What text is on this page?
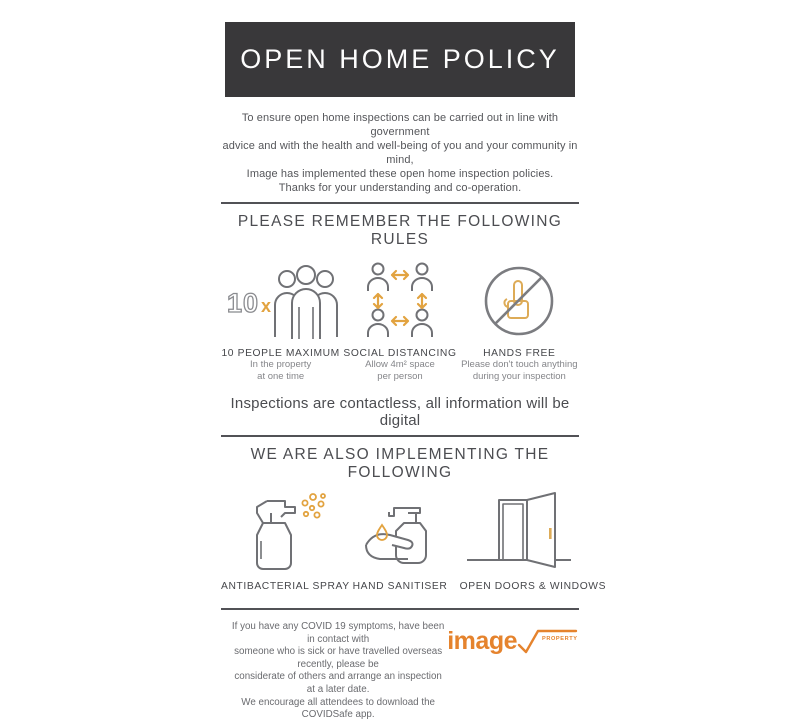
OPEN HOME POLICY
To ensure open home inspections can be carried out in line with government
advice and with the health and well-being of you and your community in mind,
Image has implemented these open home inspection policies.
Thanks for your understanding and co-operation.
PLEASE REMEMBER THE FOLLOWING RULES
10 x
10 PEOPLE MAXIMUM
In the property
at one time
SOCIAL DISTANCING
Allow 4m² space
per person
HANDS FREE
Please don't touch anything
during your inspection
Inspections are contactless, all information will be digital
WE ARE ALSO IMPLEMENTING THE FOLLOWING
ANTIBACTERIAL SPRAY HAND SANITISER	OPEN DOORS & WINDOWS
If you have any COVID 19 symptoms, have been in contact with
someone who is sick or have travelled overseas recently, please be
considerate of others and arrange an inspection at a later date.
We encourage all attendees to download the COVIDSafe app.
image	PROPERTY
